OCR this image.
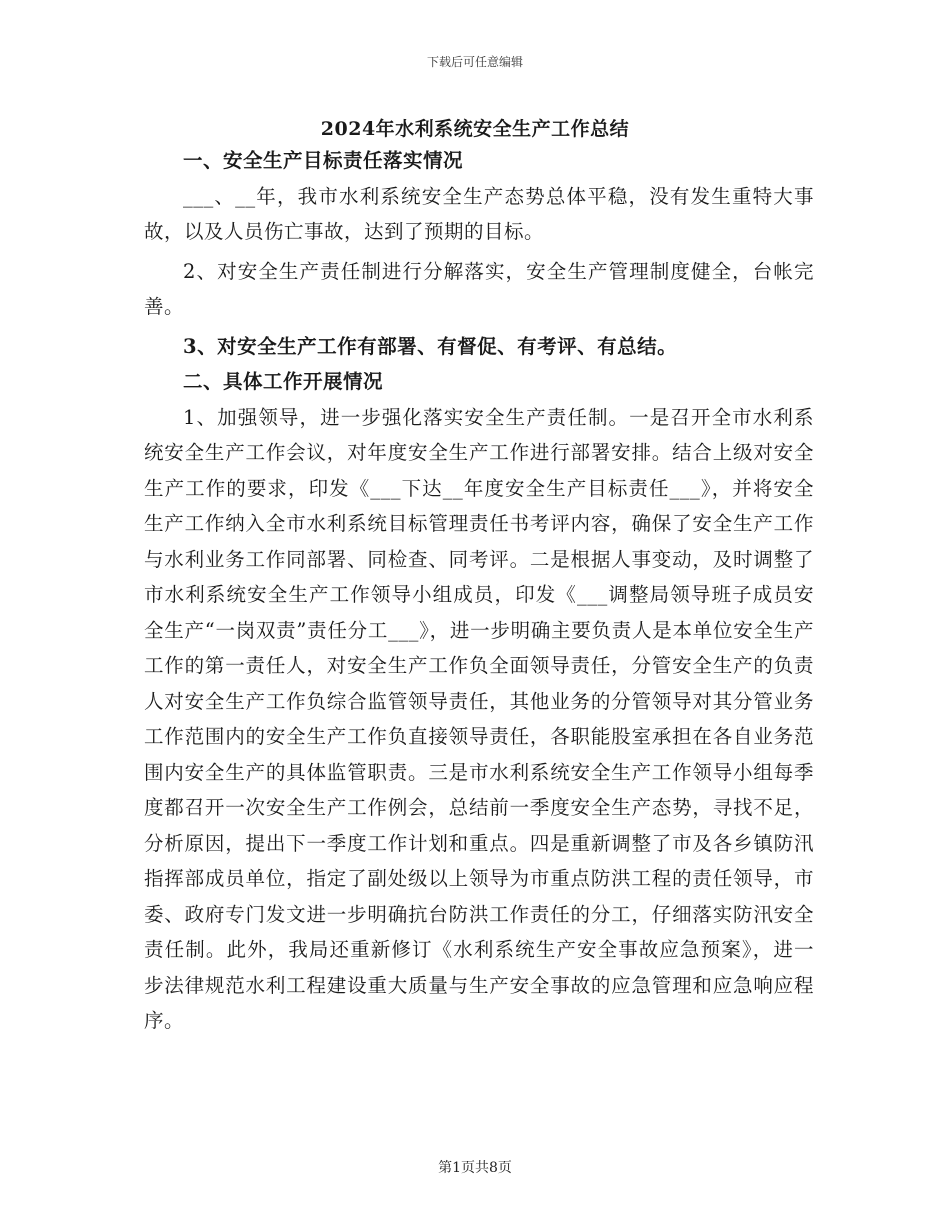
下载后可任意编辑
2024年水利系统安全生产工作总结

一、安全生产目标责任落实情况

___、__年，我市水利系统安全生产态势总体平稳，没有发生重特大事故，以及人员伤亡事故，达到了预期的目标。

2、对安全生产责任制进行分解落实，安全生产管理制度健全，台帐完善。

3、对安全生产工作有部署、有督促、有考评、有总结。

二、具体工作开展情况

1、加强领导，进一步强化落实安全生产责任制。一是召开全市水利系统安全生产工作会议，对年度安全生产工作进行部署安排。结合上级对安全生产工作的要求，印发《___下达__年度安全生产目标责任___》，并将安全生产工作纳入全市水利系统目标管理责任书考评内容，确保了安全生产工作与水利业务工作同部署、同检查、同考评。二是根据人事变动，及时调整了市水利系统安全生产工作领导小组成员，印发《___调整局领导班子成员安全生产“一岗双责”责任分工___》，进一步明确主要负责人是本单位安全生产工作的第一责任人，对安全生产工作负全面领导责任，分管安全生产的负责人对安全生产工作负综合监管领导责任，其他业务的分管领导对其分管业务工作范围内的安全生产工作负直接领导责任，各职能股室承担在各自业务范围内安全生产的具体监管职责。三是市水利系统安全生产工作领导小组每季度都召开一次安全生产工作例会，总结前一季度安全生产态势，寻找不足，分析原因，提出下一季度工作计划和重点。四是重新调整了市及各乡镇防汛指挥部成员单位，指定了副处级以上领导为市重点防洪工程的责任领导，市委、政府专门发文进一步明确抗台防洪工作责任的分工，仔细落实防汛安全责任制。此外，我局还重新修订《水利系统生产安全事故应急预案》，进一步法律规范水利工程建设重大质量与生产安全事故的应急管理和应急响应程序。

第1页共8页
